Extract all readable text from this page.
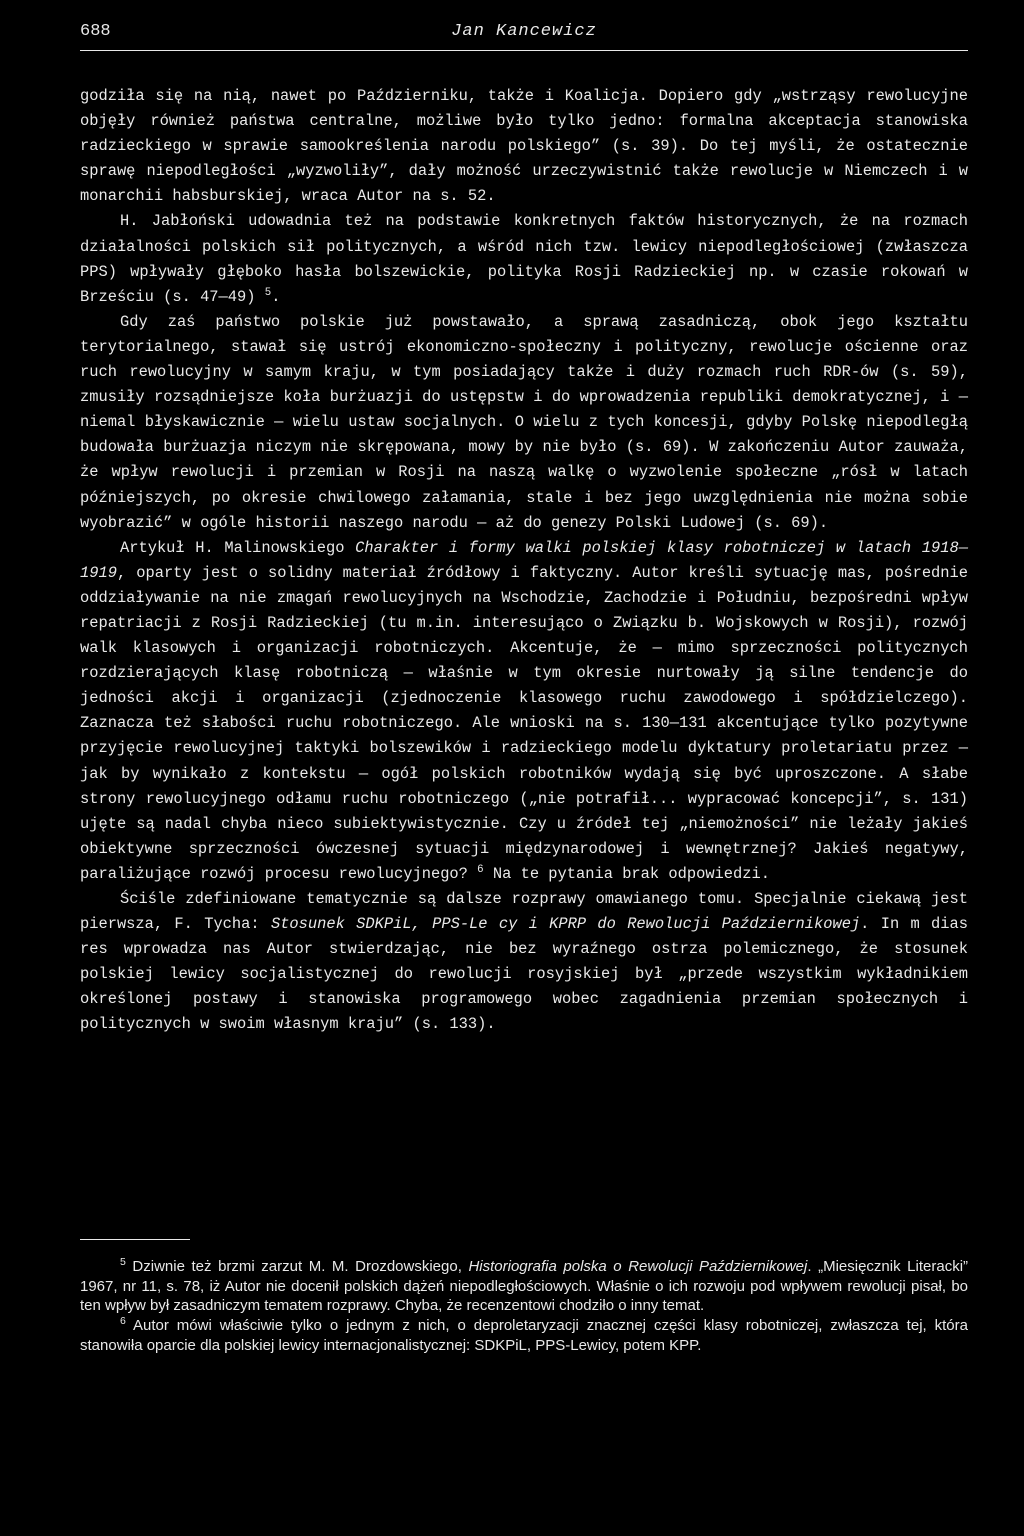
688	Jan Kancewicz

godziła się na nią, nawet po Październiku, także i Koalicja. Dopiero gdy „wstrząsy rewolucyjne objęły również państwa centralne, możliwe było tylko jedno: formalna akceptacja stanowiska radzieckiego w sprawie samookreślenia narodu polskiego” (s. 39). Do tej myśli, że ostatecznie sprawę niepodległości „wyzwoliły”, dały możność urzeczywistnić także rewolucje w Niemczech i w monarchii habsburskiej, wraca Autor na s. 52.

H. Jabłoński udowadnia też na podstawie konkretnych faktów historycznych, że na rozmach działalności polskich sił politycznych, a wśród nich tzw. lewicy niepodległościowej (zwłaszcza PPS) wpływały głęboko hasła bolszewickie, polityka Rosji Radzieckiej np. w czasie rokowań w Brześciu (s. 47—49) $^5$.

Gdy zaś państwo polskie już powstawało, a sprawą zasadniczą, obok jego kształtu terytorialnego, stawał się ustrój ekonomiczno-społeczny i polityczny, rewolucje ościenne oraz ruch rewolucyjny w samym kraju, w tym posiadający także i duży rozmach ruch RDR-ów (s. 59), zmusiły rozsądniejsze koła burżuazji do ustępstw i do wprowadzenia republiki demokratycznej, i — niemal błyskawicznie — wielu ustaw socjalnych. O wielu z tych koncesji, gdyby Polskę niepodległą budowała burżuazja niczym nie skrępowana, mowy by nie było (s. 69). W zakończeniu Autor zauważa, że wpływ rewolucji i przemian w Rosji na naszą walkę o wyzwolenie społeczne „rósł w latach późniejszych, po okresie chwilowego załamania, stale i bez jego uwzględnienia nie można sobie wyobrazić” w ogóle historii naszego narodu — aż do genezy Polski Ludowej (s. 69).

Artykuł H. Malinowskiego Charakter i formy walki polskiej klasy robotniczej w latach 1918—1919, oparty jest o solidny materiał źródłowy i faktyczny. Autor kreśli sytuację mas, pośrednie oddziaływanie na nie zmagań rewolucyjnych na Wschodzie, Zachodzie i Południu, bezpośredni wpływ repatriacji z Rosji Radzieckiej (tu m.in. interesująco o Związku b. Wojskowych w Rosji), rozwój walk klasowych i organizacji robotniczych. Akcentuje, że — mimo sprzeczności politycznych rozdzierających klasę robotniczą — właśnie w tym okresie nurtowały ją silne tendencje do jedności akcji i organizacji (zjednoczenie klasowego ruchu zawodowego i spółdzielczego). Zaznacza też słabości ruchu robotniczego. Ale wnioski na s. 130—131 akcentujące tylko pozytywne przyjęcie rewolucyjnej taktyki bolszewików i radzieckiego modelu dyktatury proletariatu przez — jak by wynikało z kontekstu — ogół polskich robotników wydają się być uproszczone. A słabe strony rewolucyjnego odłamu ruchu robotniczego („nie potrafił... wypracować koncepcji”, s. 131) ujęte są nadal chyba nieco subiektywistycznie. Czy u źródeł tej „niemożności” nie leżały jakieś obiektywne sprzeczności ówczesnej sytuacji międzynarodowej i wewnętrznej? Jakieś negatywy, paraliżujące rozwój procesu rewolucyjnego? $^6$ Na te pytania brak odpowiedzi.

Ściśle zdefiniowane tematycznie są dalsze rozprawy omawianego tomu. Specjalnie ciekawą jest pierwsza, F. Tycha: Stosunek SDKPiL, PPS-Le cy i KPRP do Rewolucji Październikowej. In m dias res wprowadza nas Autor stwierdzając, nie bez wyraźnego ostrza polemicznego, że stosunek polskiej lewicy socjalistycznej do rewolucji rosyjskiej był „przede wszystkim wykładnikiem określonej postawy i stanowiska programowego wobec zagadnienia przemian społecznych i politycznych w swoim własnym kraju” (s. 133).

$^5$ Dziwnie też brzmi zarzut M. M. Drozdowskiego, Historiografia polska o Rewolucji Październikowej. „Miesięcznik Literacki” 1967, nr 11, s. 78, iż Autor nie docenił polskich dążeń niepodległościowych. Właśnie o ich rozwoju pod wpływem rewolucji pisał, bo ten wpływ był zasadniczym tematem rozprawy. Chyba, że recenzentowi chodziło o inny temat.

$^6$ Autor mówi właściwie tylko o jednym z nich, o deproletaryzacji znacznej części klasy robotniczej, zwłaszcza tej, która stanowiła oparcie dla polskiej lewicy internacjonalistycznej: SDKPiL, PPS-Lewicy, potem KPP.
